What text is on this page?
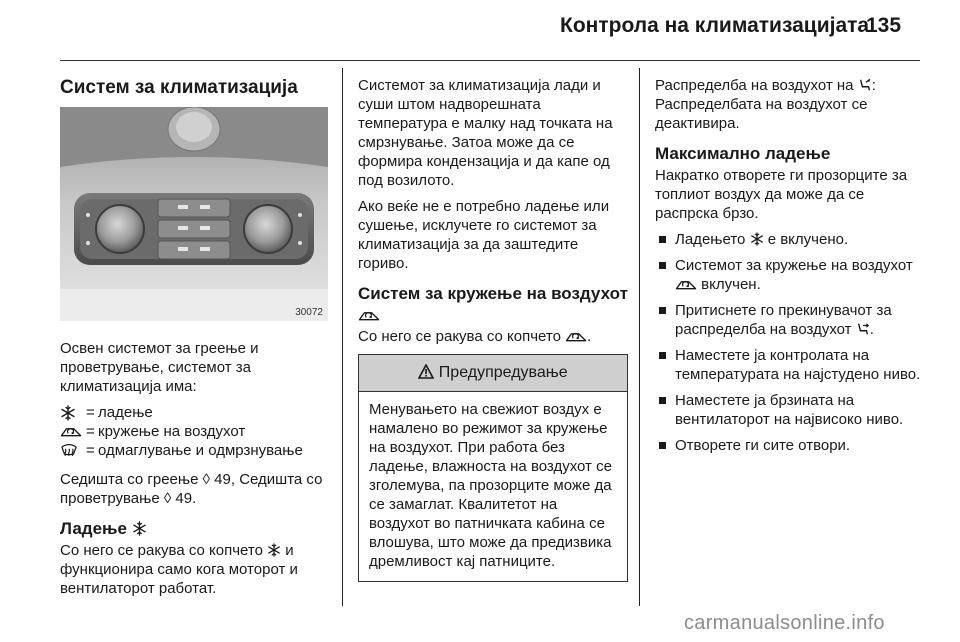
Контрола на климатизацијата
135
Систем за климатизација
30072

Освен системот за греење и проветрување, системот за климатизација има:

= ладење
= кружење на воздухот
= одмаглување и одмрзнување

Седишта со греење ◊ 49, Седишта со проветрување ◊ 49.

Ладење

Со него се ракува со копчето и функционира само кога моторот и вентилаторот работат.

Системот за климатизација лади и суши штом надворешната температура е малку над точката на смрзнување. Затоа може да се формира кондензација и да капе од под возилото.

Ако веќе не е потребно ладење или сушење, исклучете го системот за климатизација за да заштедите гориво.

Систем за кружење на воздухот

Со него се ракува со копчето .

Предупредување
Менувањето на свежиот воздух е намалено во режимот за кружење на воздухот. При работа без ладење, влажноста на воздухот се зголемува, па прозорците може да се замаглат. Квалитетот на воздухот во патничката кабина се влошува, што може да предизвика дремливост кај патниците.

Распределба на воздухот на : Распределбата на воздухот се деактивира.

Максимално ладење

Накратко отворете ги прозорците за топлиот воздух да може да се распрска брзо.

Ладењето е вклучено.
Системот за кружење на воздухот  вклучен.
Притиснете го прекинувачот за распределба на воздухот .
Наместете ја контролата на температурата на најстудено ниво.
Наместете ја брзината на вентилаторот на највисоко ниво.
Отворете ги сите отвори.
carmanualsonline.info
